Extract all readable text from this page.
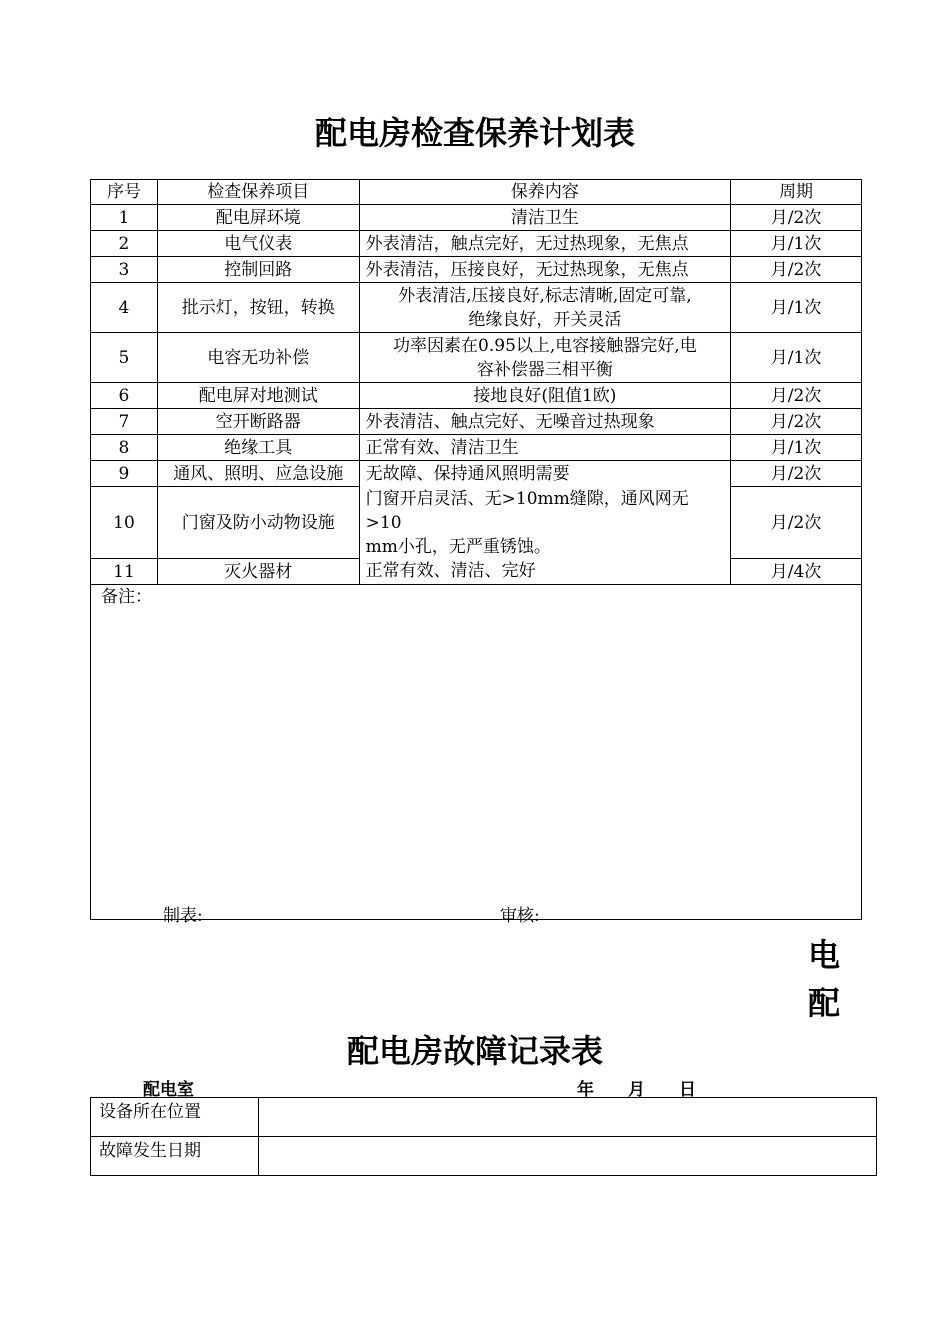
配电房检查保养计划表
序号	检查保养项目	保养内容	周期
1	配电屏环境	清洁卫生	月/2次
2	电气仪表	外表清洁，触点完好，无过热现象，无焦点	月/1次
3	控制回路	外表清洁，压接良好，无过热现象，无焦点	月/2次
4	批示灯，按钮，转换	外表清洁,压接良好,标志清晰,固定可靠,
绝缘良好，开关灵活	月/1次
5	电容无功补偿	功率因素在0.95以上,电容接触器完好,电
容补偿器三相平衡	月/1次
6	配电屏对地测试	接地良好(阻值1欧)	月/2次
7	空开断路器	外表清洁、触点完好、无噪音过热现象	月/2次
8	绝缘工具	正常有效、清洁卫生	月/1次
9	通风、照明、应急设施	无故障、保持通风照明需要	月/2次
10	门窗及防小动物设施	门窗开启灵活、无>10mm缝隙，通风网无>10
mm小孔，无严重锈蚀。	月/2次
11	灭火器材	正常有效、清洁、完好	月/4次
备注：			
制表:	审核:
电
配
配电房故障记录表
配电室	年　　月　　日
设备所在位置	
故障发生日期	
